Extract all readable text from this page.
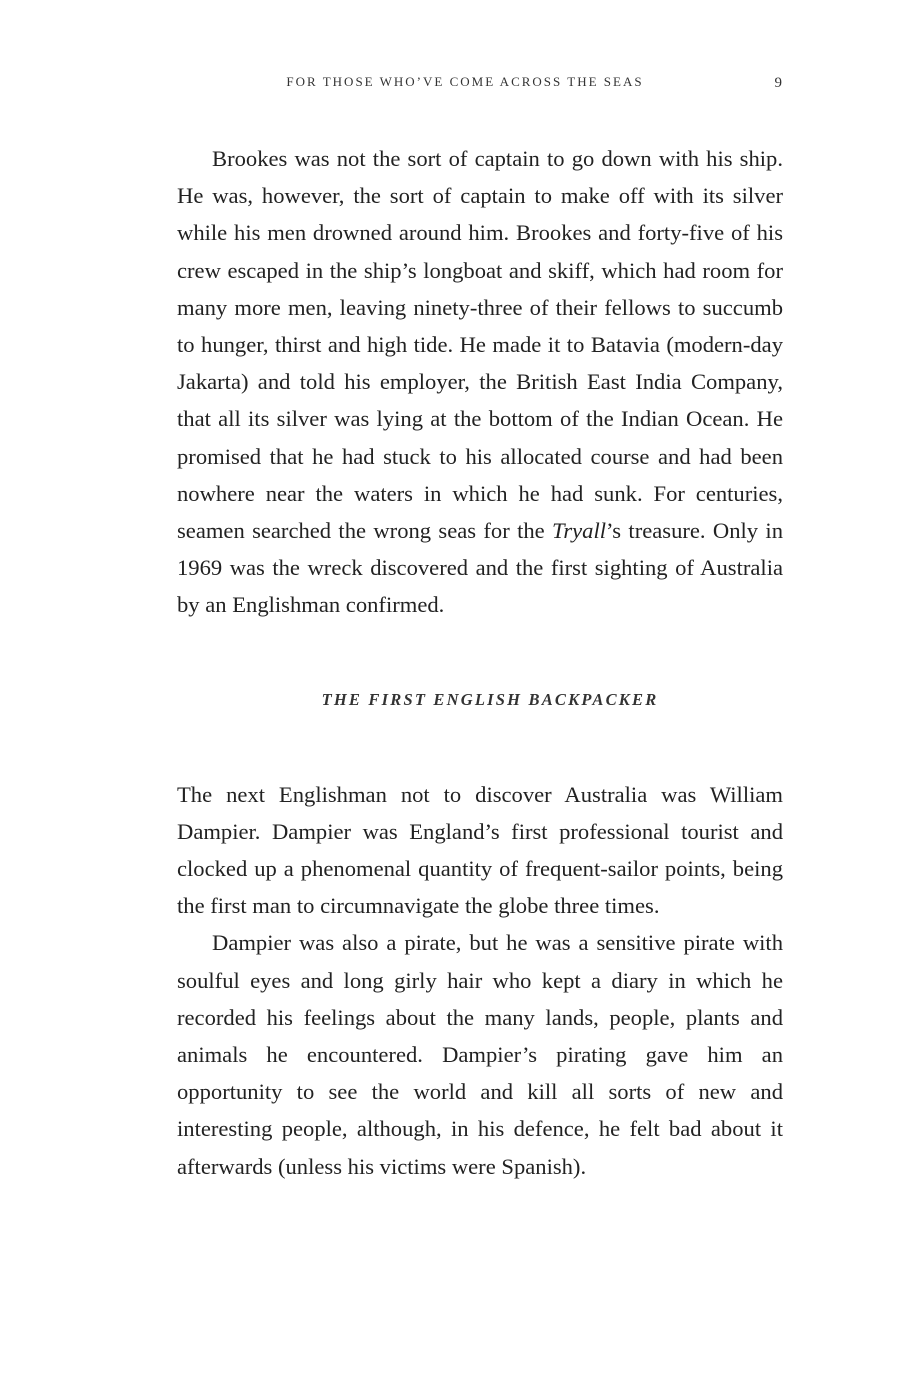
FOR THOSE WHO’VE COME ACROSS THE SEAS	9

Brookes was not the sort of captain to go down with his ship. He was, however, the sort of captain to make off with its silver while his men drowned around him. Brookes and forty-five of his crew escaped in the ship’s longboat and skiff, which had room for many more men, leaving ninety-three of their fellows to succumb to hunger, thirst and high tide. He made it to Batavia (modern-day Jakarta) and told his employer, the British East India Company, that all its silver was lying at the bottom of the Indian Ocean. He promised that he had stuck to his allocated course and had been nowhere near the waters in which he had sunk. For centuries, seamen searched the wrong seas for the Tryall’s treasure. Only in 1969 was the wreck discovered and the first sighting of Australia by an Englishman confirmed.

THE FIRST ENGLISH BACKPACKER

The next Englishman not to discover Australia was William Dampier. Dampier was England’s first professional tourist and clocked up a phenomenal quantity of frequent-sailor points, being the first man to circumnavigate the globe three times.

Dampier was also a pirate, but he was a sensitive pirate with soulful eyes and long girly hair who kept a diary in which he recorded his feelings about the many lands, people, plants and animals he encountered. Dampier’s pirating gave him an opportunity to see the world and kill all sorts of new and interesting people, although, in his defence, he felt bad about it afterwards (unless his victims were Spanish).
